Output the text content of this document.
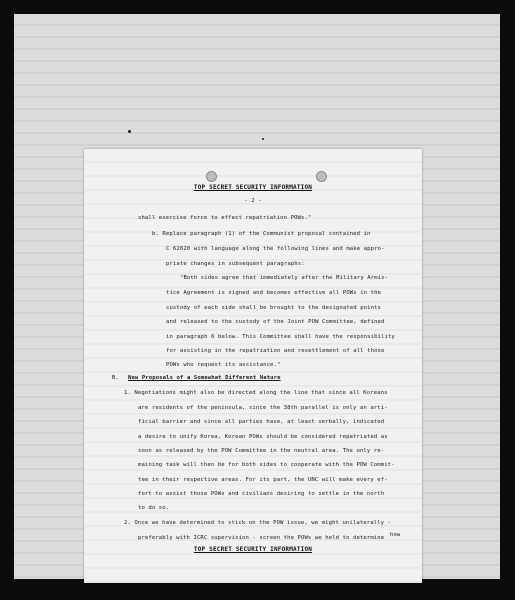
TOP SECRET SECURITY INFORMATION
- 2 -
shall exercise force to effect repatriation POWs."
b. Replace paragraph (1) of the Communist proposal contained in
C 62620 with language along the following lines and make appro-
priate changes in subsequent paragraphs:
"Both sides agree that immediately after the Military Armis-
tice Agreement is signed and becomes effective all POWs in the
custody of each side shall be brought to the designated points
and released to the custody of the Joint POW Committee, defined
in paragraph 6 below. This Committee shall have the responsibility
for assisting in the repatriation and resettlement of all those
POWs who request its assistance."
B. New Proposals of a Somewhat Different Nature
1. Negotiations might also be directed along the line that since all Koreans
are residents of the peninsula, since the 38th parallel is only an arti-
ficial barrier and since all parties have, at least verbally, indicated
a desire to unify Korea, Korean POWs should be considered repatriated as
soon as released by the POW Committee in the neutral area. The only re-
maining task will then be for both sides to cooperate with the POW Commit-
tee in their respective areas. For its part, the UNC will make every ef-
fort to assist those POWs and civilians desiring to settle in the north
to do so.
2. Once we have determined to stick on the POW issue, we might unilaterally -
preferably with ICRC supervision - screen the POWs we held to determine
TOP SECRET SECURITY INFORMATION
how
